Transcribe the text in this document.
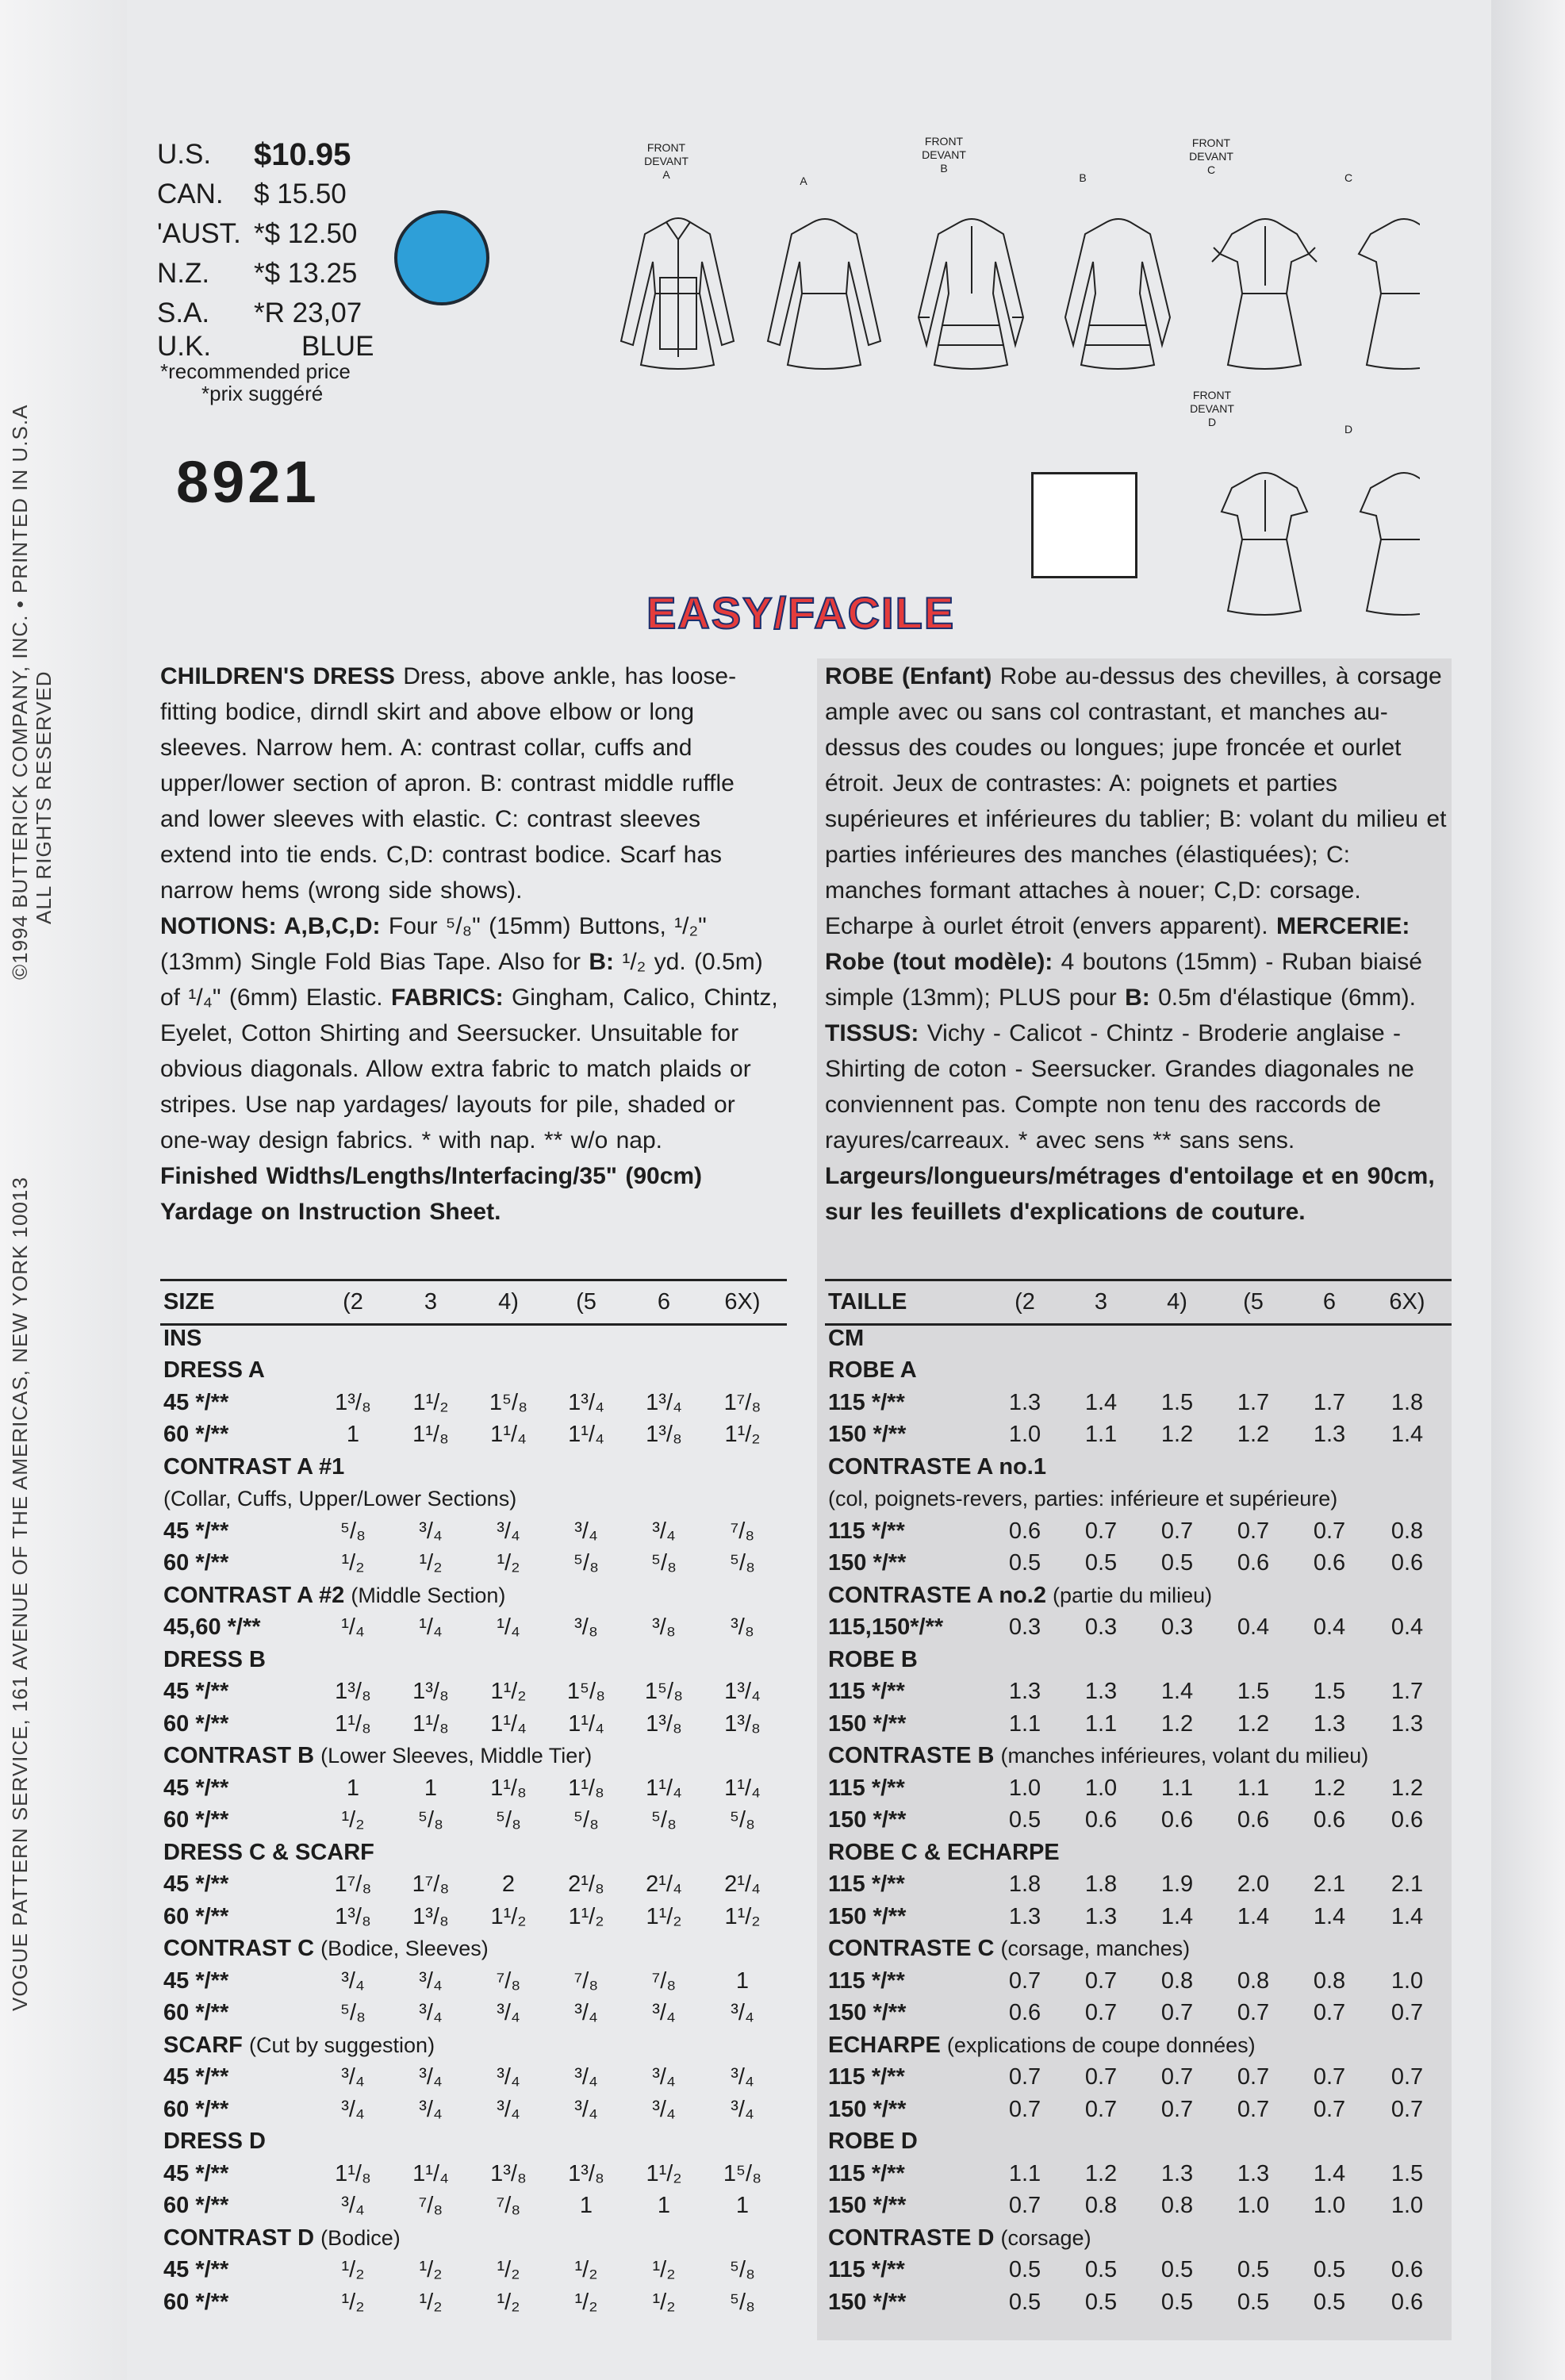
VOGUE PATTERN SERVICE, 161 AVENUE OF THE AMERICAS, NEW YORK 10013
©1994 BUTTERICK COMPANY, INC. • PRINTED IN U.S.A ALL RIGHTS RESERVED
U.S.	$10.95
CAN.	$ 15.50
'AUST. *$ 12.50
N.Z.	*$ 13.25
S.A.	*R 23,07
U.K.	BLUE
*recommended price
*prix suggéré
8921
FRONT
DEVANT
A	A
FRONT
DEVANT
B
B
FRONT
DEVANT
C
C
FRONT
DEVANT
D
D
EASY/FACILE

CHILDREN'S DRESS Dress, above ankle, has loose-fitting bodice, dirndl skirt and above elbow or long sleeves. Narrow hem. A: contrast collar, cuffs and upper/lower section of apron. B: contrast middle ruffle and lower sleeves with elastic. C: contrast sleeves extend into tie ends. C,D: contrast bodice. Scarf has narrow hems (wrong side shows).

NOTIONS: A,B,C,D: Four ⁵/₈" (15mm) Buttons, ¹/₂" (13mm) Single Fold Bias Tape. Also for B: ¹/₂ yd. (0.5m) of ¹/₄" (6mm) Elastic. FABRICS: Gingham, Calico, Chintz, Eyelet, Cotton Shirting and Seersucker. Unsuitable for obvious diagonals. Allow extra fabric to match plaids or stripes. Use nap yardages/ layouts for pile, shaded or one-way design fabrics. * with nap. ** w/o nap.

Finished Widths/Lengths/Interfacing/35" (90cm) Yardage on Instruction Sheet.

ROBE (Enfant) Robe au-dessus des chevilles, à corsage ample avec ou sans col contrastant, et manches au-dessus des coudes ou longues; jupe froncée et ourlet étroit. Jeux de contrastes: A: poignets et parties supérieures et inférieures du tablier; B: volant du milieu et parties inférieures des manches (élastiquées); C: manches formant attaches à nouer; C,D: corsage. Echarpe à ourlet étroit (envers apparent). MERCERIE: Robe (tout modèle): 4 boutons (15mm) - Ruban biaisé simple (13mm); PLUS pour B: 0.5m d'élastique (6mm). TISSUS: Vichy - Calicot - Chintz - Broderie anglaise - Shirting de coton - Seersucker. Grandes diagonales ne conviennent pas. Compte non tenu des raccords de rayures/carreaux. * avec sens ** sans sens. Largeurs/longueurs/métrages d'entoilage et en 90cm, sur les feuillets d'explications de couture.

SIZE	(2	3	4)	(5	6	6X)
INS						
DRESS A						
45 */**	1³/₈	1¹/₂	1⁵/₈	1³/₄	1³/₄	1⁷/₈
60 */**	1	1¹/₈	1¹/₄	1¹/₄	1³/₈	1¹/₂
CONTRAST A #1						
(Collar, Cuffs, Upper/Lower Sections)						
45 */**	⁵/₈	³/₄	³/₄	³/₄	³/₄	⁷/₈
60 */**	¹/₂	¹/₂	¹/₂	⁵/₈	⁵/₈	⁵/₈
CONTRAST A #2 (Middle Section)						
45,60 */**	¹/₄	¹/₄	¹/₄	³/₈	³/₈	³/₈
DRESS B						
45 */**	1³/₈	1³/₈	1¹/₂	1⁵/₈	1⁵/₈	1³/₄
60 */**	1¹/₈	1¹/₈	1¹/₄	1¹/₄	1³/₈	1³/₈
CONTRAST B (Lower Sleeves, Middle Tier)						
45 */**	1	1	1¹/₈	1¹/₈	1¹/₄	1¹/₄
60 */**	¹/₂	⁵/₈	⁵/₈	⁵/₈	⁵/₈	⁵/₈
DRESS C & SCARF						
45 */**	1⁷/₈	1⁷/₈	2	2¹/₈	2¹/₄	2¹/₄
60 */**	1³/₈	1³/₈	1¹/₂	1¹/₂	1¹/₂	1¹/₂
CONTRAST C (Bodice, Sleeves)						
45 */**	³/₄	³/₄	⁷/₈	⁷/₈	⁷/₈	1
60 */**	⁵/₈	³/₄	³/₄	³/₄	³/₄	³/₄
SCARF (Cut by suggestion)						
45 */**	³/₄	³/₄	³/₄	³/₄	³/₄	³/₄
60 */**	³/₄	³/₄	³/₄	³/₄	³/₄	³/₄
DRESS D						
45 */**	1¹/₈	1¹/₄	1³/₈	1³/₈	1¹/₂	1⁵/₈
60 */**	³/₄	⁷/₈	⁷/₈	1	1	1
CONTRAST D (Bodice)						
45 */**	¹/₂	¹/₂	¹/₂	¹/₂	¹/₂	⁵/₈
60 */**	¹/₂	¹/₂	¹/₂	¹/₂	¹/₂	⁵/₈
TAILLE	(2	3	4)	(5	6	6X)
CM						
ROBE A						
115 */**	1.3	1.4	1.5	1.7	1.7	1.8
150 */**	1.0	1.1	1.2	1.2	1.3	1.4
CONTRASTE A no.1						
(col, poignets-revers, parties: inférieure et supérieure)						
115 */**	0.6	0.7	0.7	0.7	0.7	0.8
150 */**	0.5	0.5	0.5	0.6	0.6	0.6
CONTRASTE A no.2 (partie du milieu)						
115,150*/**	0.3	0.3	0.3	0.4	0.4	0.4
ROBE B						
115 */**	1.3	1.3	1.4	1.5	1.5	1.7
150 */**	1.1	1.1	1.2	1.2	1.3	1.3
CONTRASTE B (manches inférieures, volant du milieu)						
115 */**	1.0	1.0	1.1	1.1	1.2	1.2
150 */**	0.5	0.6	0.6	0.6	0.6	0.6
ROBE C & ECHARPE						
115 */**	1.8	1.8	1.9	2.0	2.1	2.1
150 */**	1.3	1.3	1.4	1.4	1.4	1.4
CONTRASTE C (corsage, manches)						
115 */**	0.7	0.7	0.8	0.8	0.8	1.0
150 */**	0.6	0.7	0.7	0.7	0.7	0.7
ECHARPE (explications de coupe données)						
115 */**	0.7	0.7	0.7	0.7	0.7	0.7
150 */**	0.7	0.7	0.7	0.7	0.7	0.7
ROBE D						
115 */**	1.1	1.2	1.3	1.3	1.4	1.5
150 */**	0.7	0.8	0.8	1.0	1.0	1.0
CONTRASTE D (corsage)						
115 */**	0.5	0.5	0.5	0.5	0.5	0.6
150 */**	0.5	0.5	0.5	0.5	0.5	0.6
